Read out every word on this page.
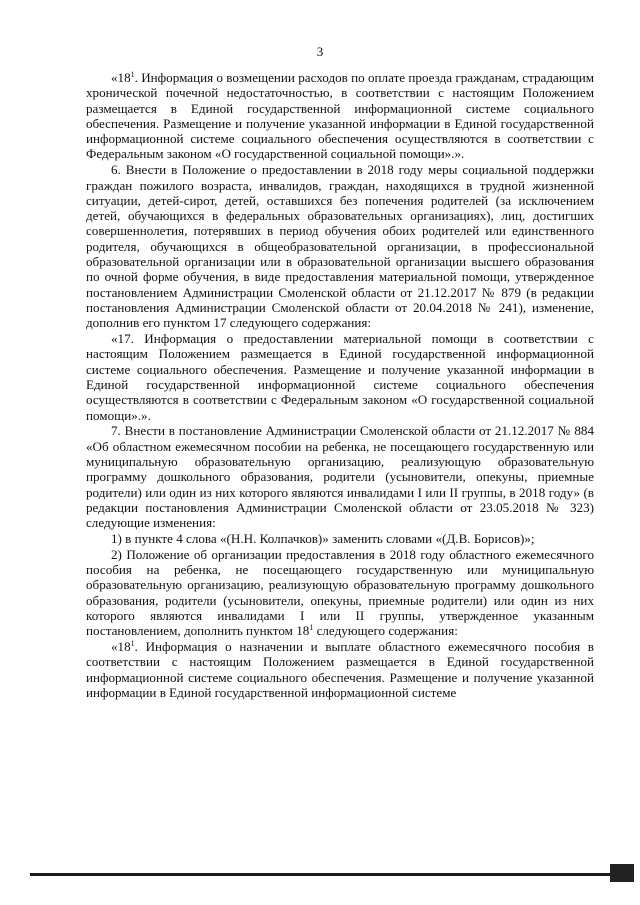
3

«$18^1$. Информация о возмещении расходов по оплате проезда гражданам, страдающим хронической почечной недостаточностью, в соответствии с настоящим Положением размещается в Единой государственной информационной системе социального обеспечения. Размещение и получение указанной информации в Единой государственной информационной системе социального обеспечения осуществляются в соответствии с Федеральным законом «О государственной социальной помощи».».

6. Внести в Положение о предоставлении в 2018 году меры социальной поддержки граждан пожилого возраста, инвалидов, граждан, находящихся в трудной жизненной ситуации, детей-сирот, детей, оставшихся без попечения родителей (за исключением детей, обучающихся в федеральных образовательных организациях), лиц, достигших совершеннолетия, потерявших в период обучения обоих родителей или единственного родителя, обучающихся в общеобразовательной организации, в профессиональной образовательной организации или в образовательной организации высшего образования по очной форме обучения, в виде предоставления материальной помощи, утвержденное постановлением Администрации Смоленской области от 21.12.2017 № 879 (в редакции постановления Администрации Смоленской области от 20.04.2018 № 241), изменение, дополнив его пунктом 17 следующего содержания:

«17. Информация о предоставлении материальной помощи в соответствии с настоящим Положением размещается в Единой государственной информационной системе социального обеспечения. Размещение и получение указанной информации в Единой государственной информационной системе социального обеспечения осуществляются в соответствии с Федеральным законом «О государственной социальной помощи».».

7. Внести в постановление Администрации Смоленской области от 21.12.2017 № 884 «Об областном ежемесячном пособии на ребенка, не посещающего государственную или муниципальную образовательную организацию, реализующую образовательную программу дошкольного образования, родители (усыновители, опекуны, приемные родители) или один из них которого являются инвалидами I или II группы, в 2018 году» (в редакции постановления Администрации Смоленской области от 23.05.2018 № 323) следующие изменения:

1) в пункте 4 слова «(Н.Н. Колпачков)» заменить словами «(Д.В. Борисов)»;

2) Положение об организации предоставления в 2018 году областного ежемесячного пособия на ребенка, не посещающего государственную или муниципальную образовательную организацию, реализующую образовательную программу дошкольного образования, родители (усыновители, опекуны, приемные родители) или один из них которого являются инвалидами I или II группы, утвержденное указанным постановлением, дополнить пунктом $18^1$ следующего содержания:

«$18^1$. Информация о назначении и выплате областного ежемесячного пособия в соответствии с настоящим Положением размещается в Единой государственной информационной системе социального обеспечения. Размещение и получение указанной информации в Единой государственной информационной системе
